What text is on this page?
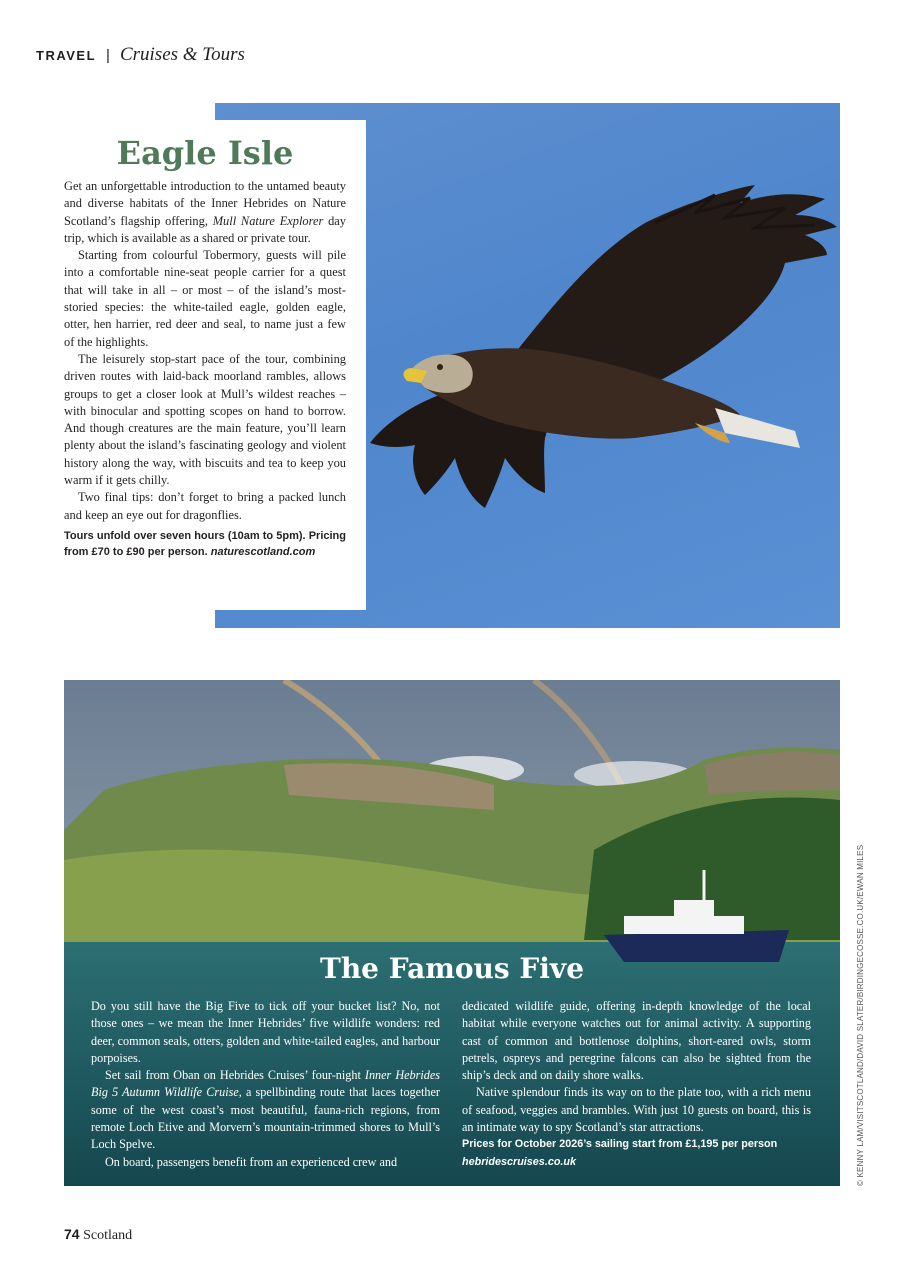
TRAVEL | Cruises & Tours
Eagle Isle

Get an unforgettable introduction to the untamed beauty and diverse habitats of the Inner Hebrides on Nature Scotland’s flagship offering, Mull Nature Explorer day trip, which is available as a shared or private tour.

Starting from colourful Tobermory, guests will pile into a comfortable nine-seat people carrier for a quest that will take in all – or most – of the island’s most-storied species: the white-tailed eagle, golden eagle, otter, hen harrier, red deer and seal, to name just a few of the highlights.

The leisurely stop-start pace of the tour, combining driven routes with laid-back moorland rambles, allows groups to get a closer look at Mull’s wildest reaches – with binocular and spotting scopes on hand to borrow. And though creatures are the main feature, you’ll learn plenty about the island’s fascinating geology and violent history along the way, with biscuits and tea to keep you warm if it gets chilly.

Two final tips: don’t forget to bring a packed lunch and keep an eye out for dragonflies.

Tours unfold over seven hours (10am to 5pm). Pricing from £70 to £90 per person. naturescotland.com
The Famous Five

Do you still have the Big Five to tick off your bucket list? No, not those ones – we mean the Inner Hebrides’ five wildlife wonders: red deer, common seals, otters, golden and white-tailed eagles, and harbour porpoises.

Set sail from Oban on Hebrides Cruises’ four-night Inner Hebrides Big 5 Autumn Wildlife Cruise, a spellbinding route that laces together some of the west coast’s most beautiful, fauna-rich regions, from remote Loch Etive and Morvern’s mountain-trimmed shores to Mull’s Loch Spelve.

On board, passengers benefit from an experienced crew and

dedicated wildlife guide, offering in-depth knowledge of the local habitat while everyone watches out for animal activity. A supporting cast of common and bottlenose dolphins, short-eared owls, storm petrels, ospreys and peregrine falcons can also be sighted from the ship’s deck and on daily shore walks.

Native splendour finds its way on to the plate too, with a rich menu of seafood, veggies and brambles. With just 10 guests on board, this is an intimate way to spy Scotland’s star attractions.

Prices for October 2026’s sailing start from £1,195 per person
hebridescruises.co.uk	© KENNY LAM/VISITSCOTLAND/DAVID SLATER/BIRDINGECOSSE.CO.UK/EWAN MILES
74 Scotland
